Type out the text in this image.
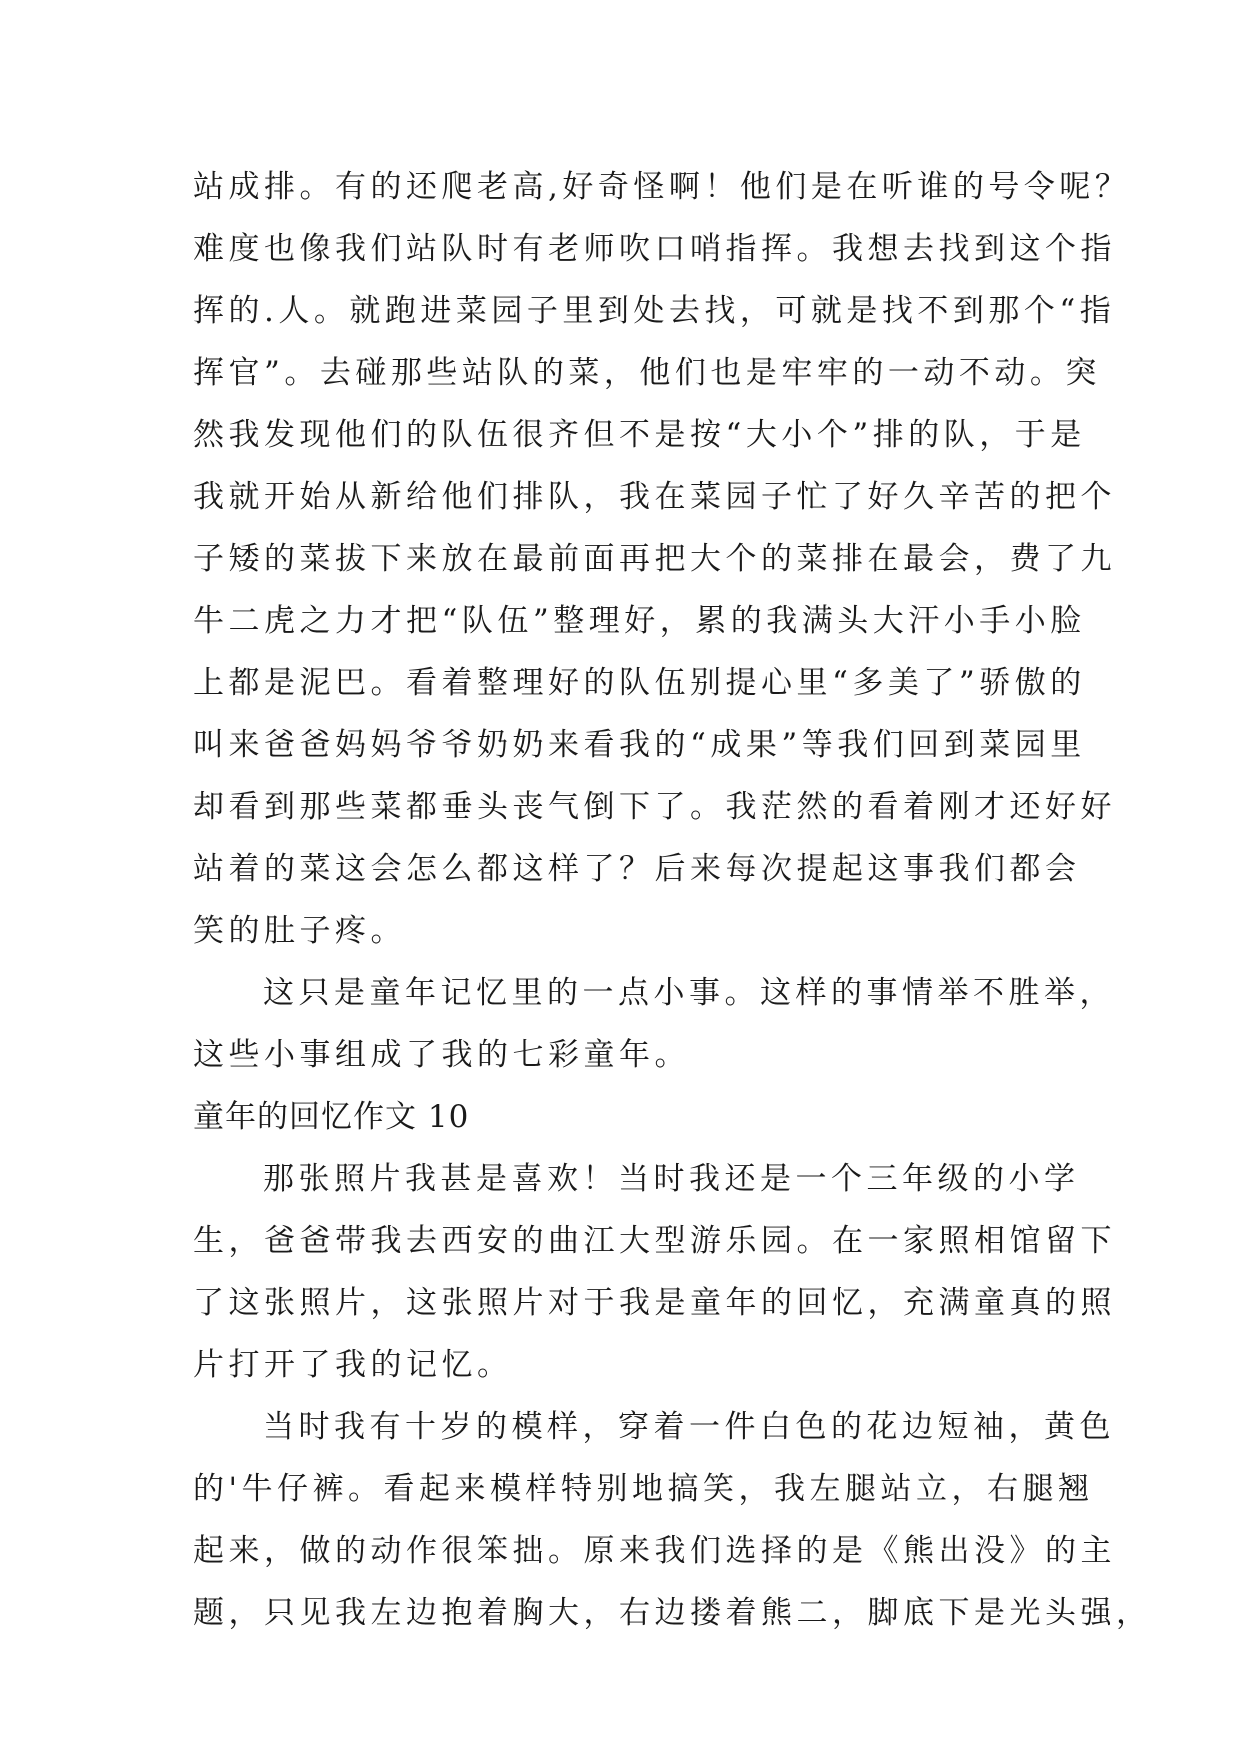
站成排。有的还爬老高,好奇怪啊！他们是在听谁的号令呢？
难度也像我们站队时有老师吹口哨指挥。我想去找到这个指
挥的.人。就跑进菜园子里到处去找，可就是找不到那个“指
挥官”。去碰那些站队的菜，他们也是牢牢的一动不动。突
然我发现他们的队伍很齐但不是按“大小个”排的队，于是
我就开始从新给他们排队，我在菜园子忙了好久辛苦的把个
子矮的菜拔下来放在最前面再把大个的菜排在最会，费了九
牛二虎之力才把“队伍”整理好，累的我满头大汗小手小脸
上都是泥巴。看着整理好的队伍别提心里“多美了”骄傲的
叫来爸爸妈妈爷爷奶奶来看我的“成果”等我们回到菜园里
却看到那些菜都垂头丧气倒下了。我茫然的看着刚才还好好
站着的菜这会怎么都这样了？后来每次提起这事我们都会
笑的肚子疼。
这只是童年记忆里的一点小事。这样的事情举不胜举，
这些小事组成了我的七彩童年。
童年的回忆作文 10
那张照片我甚是喜欢！当时我还是一个三年级的小学
生，爸爸带我去西安的曲江大型游乐园。在一家照相馆留下
了这张照片，这张照片对于我是童年的回忆，充满童真的照
片打开了我的记忆。
当时我有十岁的模样，穿着一件白色的花边短袖，黄色
的'牛仔裤。看起来模样特别地搞笑，我左腿站立，右腿翘
起来，做的动作很笨拙。原来我们选择的是《熊出没》的主
题，只见我左边抱着胸大，右边搂着熊二，脚底下是光头强，
